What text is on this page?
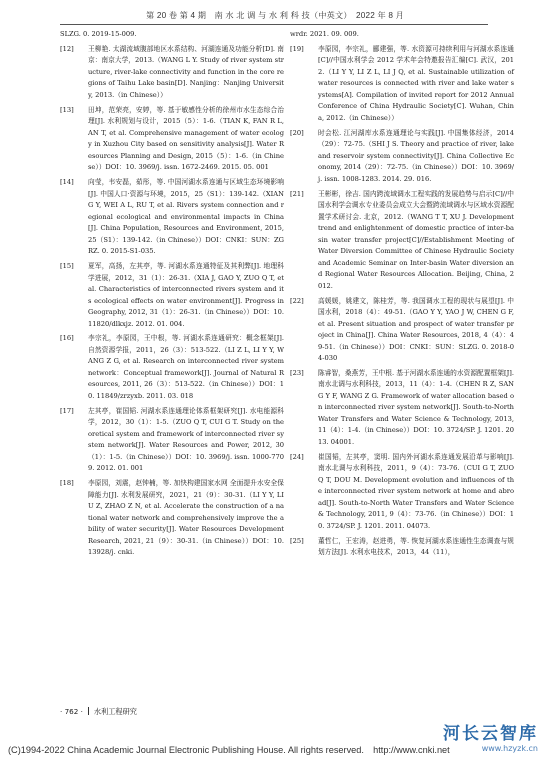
第 20 卷 第 4 期　南 水 北 调 与 水 利 科 技（中英文）　2022 年 8 月
SLZG. 0. 2019-15-009.
[12] 王柳艳. 太湖流域腹部地区水系结构、河湖连通及功能分析[D]. 南京：南京大学，2013.（WANG L Y. Study of river system structure, river-lake connectivity and function in the core regions of Taihu Lake basin[D]. Nanjing：Nanjing University, 2013.（in Chinese））
[13] 田坤，范荣亮，安婷，等. 基于敏感性分析的徐州市水生态综合治理[J]. 水利规划与设计，2015（5）：1-6.（TIAN K, FAN R L, AN T, et al. Comprehensive management of water ecology in Xuzhou City based on sensitivity analysis[J]. Water Resources Planning and Design, 2015（5）：1-6.（in Chinese））DOI：10. 3969/j. issn. 1672-2469. 2015. 05. 001
[14] 向莹，韦安磊，茹彤，等. 中国河湖水系连通与区域生态环境影响[J]. 中国人口·资源与环境，2015，25（S1）：139-142.（XIANG Y, WEI A L, RU T, et al. Rivers system connection and regional ecological and environmental impacts in China[J]. China Population, Resources and Environment, 2015, 25（S1）：139-142.（in Chinese））DOI：CNKI：SUN：ZGRZ. 0. 2015-S1-035.
[15] 夏军，高扬，左其亭，等. 河湖水系连通特征及其利弊[J]. 地理科学进展，2012，31（1）：26-31.（XIA J, GAO Y, ZUO Q T, et al. Characteristics of interconnected rivers system and its ecological effects on water environment[J]. Progress in Geography, 2012, 31（1）：26-31.（in Chinese））DOI：10. 11820/dlkxjz. 2012. 01. 004.
[16] 李宗礼，李原园，王中根，等. 河湖水系连通研究：概念框架[J]. 自然资源学报，2011，26（3）：513-522.（LI Z L, LI Y Y, WANG Z G, et al. Research on interconnected river system network：Conceptual framework[J]. Journal of Natural Resources, 2011, 26（3）：513-522.（in Chinese））DOI：10. 11849/zrzyxb. 2011. 03. 018
[17] 左其亭，崔国韬. 河湖水系连通理论体系框架研究[J]. 水电能源科学，2012，30（1）：1-5.（ZUO Q T, CUI G T. Study on theoretical system and framework of interconnected river system network[J]. Water Resources and Power, 2012, 30（1）：1-5.（in Chinese））DOI：10. 3969/j. issn. 1000-7709. 2012. 01. 001
[18] 李原园，刘震，赵钟楠，等. 加快构建国家水网 全面提升水安全保障能力[J]. 水利发展研究，2021，21（9）：30-31.（LI Y Y, LIU Z, ZHAO Z N, et al. Accelerate the construction of a national water network and comprehensively improve the ability of water security[J]. Water Resources Development Research, 2021, 21（9）：30-31.（in Chinese））DOI：10. 13928/j. cnki.
wrdr. 2021. 09. 009.
[19] 李原园，李宗礼，郦建强，等. 水资源可持续利用与河湖水系连通[C]//中国水利学会 2012 学术年会特邀报告汇编[C]. 武汉，2012.（LI Y Y, LI Z L, LI J Q, et al. Sustainable utilization of water resources is connected with river and lake water systems[A]. Compilation of invited report for 2012 Annual Conference of China Hydraulic Society[C]. Wuhan, China, 2012.（in Chinese））
[20] 时会松. 江河湖库水系连通理论与实践[J]. 中国集体经济，2014（29）：72-75.（SHI J S. Theory and practice of river, lake and reservoir system connectivity[J]. China Collective Economy, 2014（29）：72-75.（in Chinese））DOI：10. 3969/j. issn. 1008-1283. 2014. 29. 016.
[21] 王彬彬，徐吉. 国内跨流域调水工程实践的发展趋势与启示[C]//中国水利学会调水专业委员会成立大会暨跨流域调水与区域水资源配置学术研讨会. 北京，2012.（WANG T T, XU J. Development trend and enlightenment of domestic practice of inter-basin water transfer project[C]//Establishment Meeting of Water Diversion Committee of Chinese Hydraulic Society and Academic Seminar on Inter-basin Water diversion and Regional Water Resources Allocation. Beijing, China, 2012.
[22] 高媛媛，姚建文，陈桂芳，等. 我国调水工程的现状与展望[J]. 中国水利，2018（4）：49-51.（GAO Y Y, YAO J W, CHEN G F, et al. Present situation and prospect of water transfer project in China[J]. China Water Resources, 2018, 4（4）：49-51.（in Chinese））DOI：CNKI：SUN：SLZG. 0. 2018-04-030
[23] 陈睿智，桑燕芳，王中根. 基于河湖水系连通的水资源配置框架[J]. 南水北调与水利科技，2013，11（4）：1-4.（CHEN R Z, SANG Y F, WANG Z G. Framework of water allocation based on interconnected river system network[J]. South-to-North Water Transfers and Water Science & Technology, 2013, 11（4）：1-4.（in Chinese））DOI：10. 3724/SP. J. 1201. 2013. 04001.
[24] 崔国韬，左其亭，窦明. 国内外河湖水系连通发展沿革与影响[J]. 南水北调与水利科技，2011，9（4）：73-76.（CUI G T, ZUO Q T, DOU M. Development evolution and influences of the interconnected river system network at home and abroad[J]. South-to-North Water Transfers and Water Science & Technology, 2011, 9（4）：73-76.（in Chinese））DOI：10. 3724/SP. J. 1201. 2011. 04073.
[25] 董哲仁，王宏涛，赵进勇，等. 恢复河湖水系连通性生态调查与规划方法[J]. 水利水电技术，2013，44（11），
· 762 · 水利工程研究
(C)1994-2022 China Academic Journal Electronic Publishing House. All rights reserved.　http://www.cnki.net
河长云智库
www.hzyzk.cn
